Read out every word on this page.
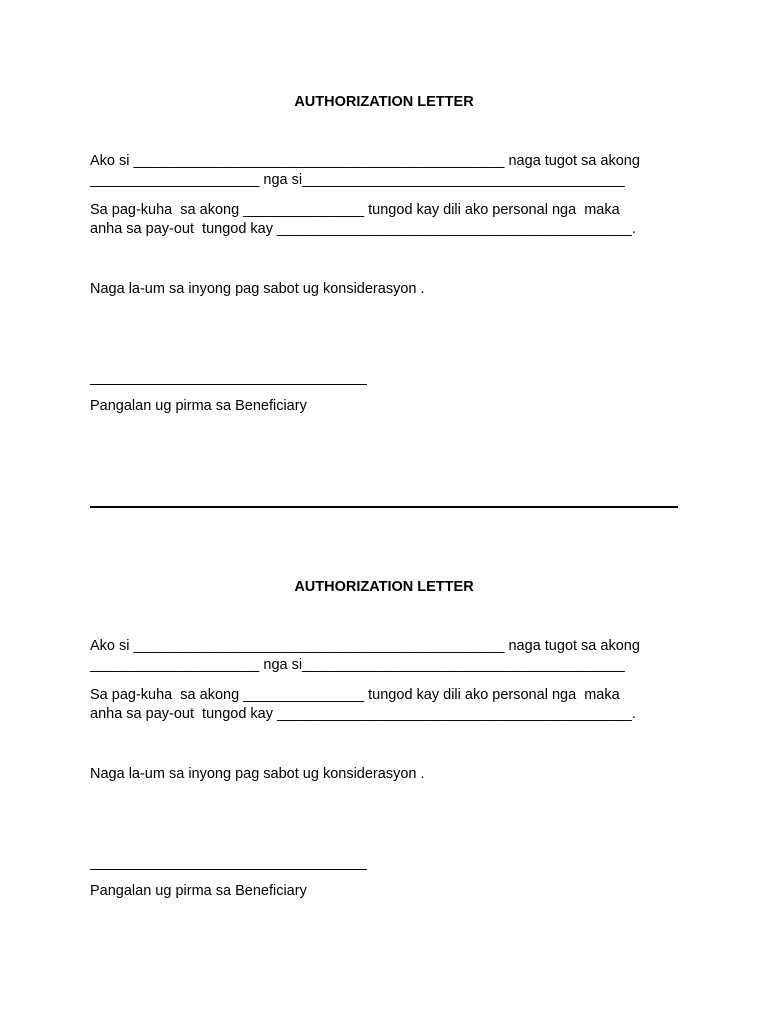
AUTHORIZATION LETTER
Ako si ______________________________________________ naga tugot sa akong
_____________________ nga si________________________________________
Sa pag-kuha  sa akong _______________ tungod kay dili ako personal nga  maka
anha sa pay-out  tungod kay ____________________________________________.
Naga la-um sa inyong pag sabot ug konsiderasyon .
Pangalan ug pirma sa Beneficiary
AUTHORIZATION LETTER
Ako si ______________________________________________ naga tugot sa akong
_____________________ nga si________________________________________
Sa pag-kuha  sa akong _______________ tungod kay dili ako personal nga  maka
anha sa pay-out  tungod kay ____________________________________________.
Naga la-um sa inyong pag sabot ug konsiderasyon .
Pangalan ug pirma sa Beneficiary
